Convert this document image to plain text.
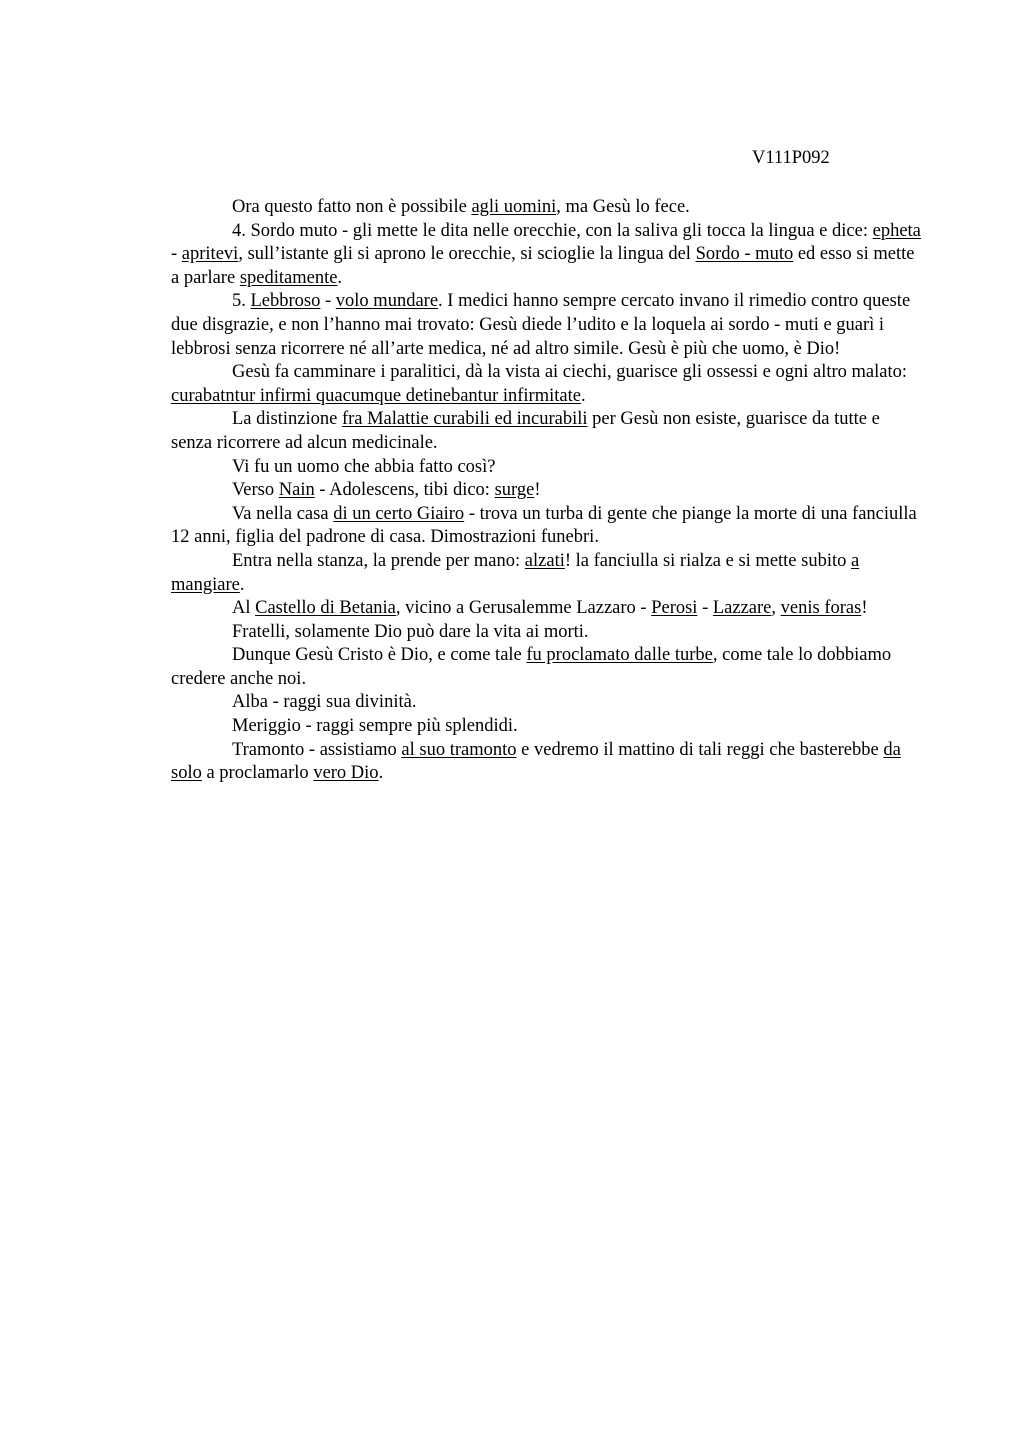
V111P092

Ora questo fatto non è possibile agli uomini, ma Gesù lo fece.

4. Sordo muto - gli mette le dita nelle orecchie, con la saliva gli tocca la lingua e dice: epheta - apritevi, sull’istante gli si aprono le orecchie, si scioglie la lingua del Sordo - muto ed esso si mette a parlare speditamente.

5. Lebbroso - volo mundare. I medici hanno sempre cercato invano il rimedio contro queste due disgrazie, e non l’hanno mai trovato: Gesù diede l’udito e la loquela ai sordo - muti e guarì i lebbrosi senza ricorrere né all’arte medica, né ad altro simile. Gesù è più che uomo, è Dio!

Gesù fa camminare i paralitici, dà la vista ai ciechi, guarisce gli ossessi e ogni altro malato: curabatntur infirmi quacumque detinebantur infirmitate.

La distinzione fra Malattie curabili ed incurabili per Gesù non esiste, guarisce da tutte e senza ricorrere ad alcun medicinale.

Vi fu un uomo che abbia fatto così?

Verso Nain - Adolescens, tibi dico: surge!

Va nella casa di un certo Giairo - trova un turba di gente che piange la morte di una fanciulla 12 anni, figlia del padrone di casa. Dimostrazioni funebri.

Entra nella stanza, la prende per mano: alzati! la fanciulla si rialza e si mette subito a mangiare.

Al Castello di Betania, vicino a Gerusalemme Lazzaro - Perosi - Lazzare, venis foras!

Fratelli, solamente Dio può dare la vita ai morti.

Dunque Gesù Cristo è Dio, e come tale fu proclamato dalle turbe, come tale lo dobbiamo credere anche noi.

Alba - raggi sua divinità.

Meriggio - raggi sempre più splendidi.

Tramonto - assistiamo al suo tramonto e vedremo il mattino di tali reggi che basterebbe da solo a proclamarlo vero Dio.
